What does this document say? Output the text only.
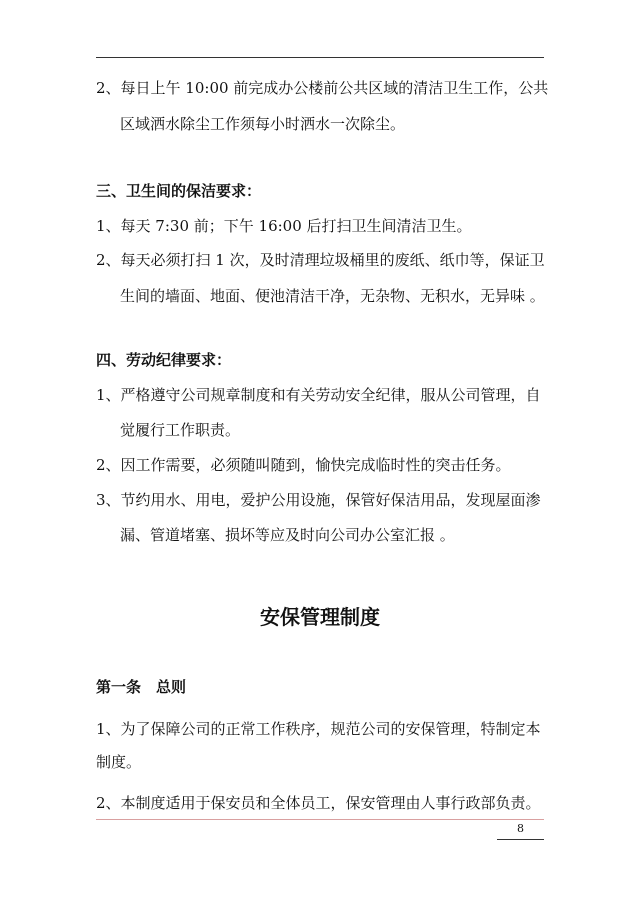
2、每日上午 10:00 前完成办公楼前公共区域的清洁卫生工作，公共
区域洒水除尘工作须每小时洒水一次除尘。
三、卫生间的保洁要求：
1、每天 7:30 前；下午 16:00 后打扫卫生间清洁卫生。
2、每天必须打扫 1 次，及时清理垃圾桶里的废纸、纸巾等，保证卫
生间的墙面、地面、便池清洁干净，无杂物、无积水，无异味 。
四、劳动纪律要求：
1、严格遵守公司规章制度和有关劳动安全纪律，服从公司管理，自
觉履行工作职责。
2、因工作需要，必须随叫随到，愉快完成临时性的突击任务。
3、节约用水、用电，爱护公用设施，保管好保洁用品，发现屋面渗
漏、管道堵塞、损坏等应及时向公司办公室汇报 。
安保管理制度
第一条　总则
1、为了保障公司的正常工作秩序，规范公司的安保管理，特制定本
制度。
2、本制度适用于保安员和全体员工，保安管理由人事行政部负责。
8
